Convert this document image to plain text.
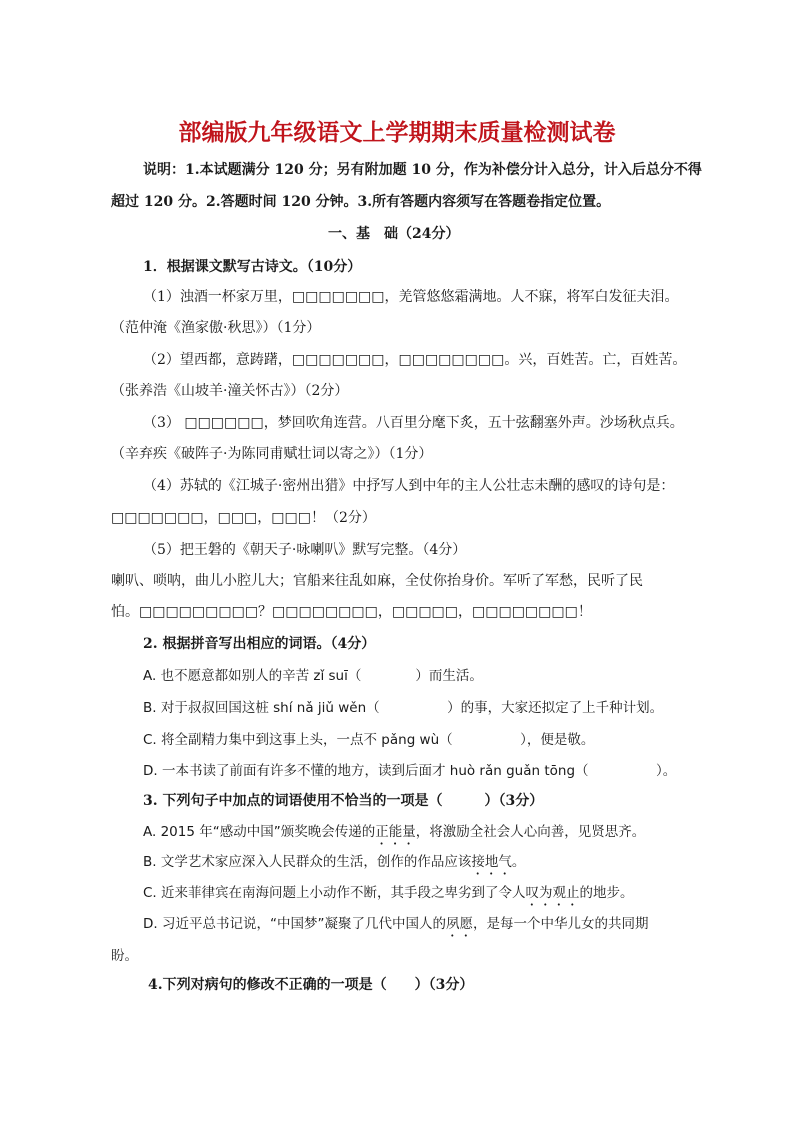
部编版九年级语文上学期期末质量检测试卷
说明：1.本试题满分 120 分；另有附加题 10 分，作为补偿分计入总分，计入后总分不得
超过 120 分。2.答题时间 120 分钟。3.所有答题内容须写在答题卷指定位置。
一、基　础（24分）
1．根据课文默写古诗文。（10分）
（1）浊酒一杯家万里，□□□□□□□，羌管悠悠霜满地。人不寐，将军白发征夫泪。
（范仲淹《渔家傲·秋思》）（1分）
（2）望西都，意踌躇，□□□□□□□，□□□□□□□□。兴，百姓苦。亡，百姓苦。
（张养浩《山坡羊·潼关怀古》）（2分）
（3） □□□□□□，梦回吹角连营。八百里分麾下炙，五十弦翻塞外声。沙场秋点兵。
（辛弃疾《破阵子·为陈同甫赋壮词以寄之》）（1分）
（4）苏轼的《江城子·密州出猎》中抒写人到中年的主人公壮志未酬的感叹的诗句是：
□□□□□□□，□□□，□□□！（2分）
（5）把王磐的《朝天子·咏喇叭》默写完整。（4分）
喇叭、唢呐，曲儿小腔儿大；官船来往乱如麻，全仗你抬身价。军听了军愁，民听了民
怕。□□□□□□□□□？□□□□□□□□，□□□□□，□□□□□□□□！
2. 根据拼音写出相应的词语。（4分）
A. 也不愿意都如别人的辛苦 zǐ suī（　　　　）而生活。
B. 对于叔叔回国这桩 shí nǎ jiǔ wěn（　　　　　）的事，大家还拟定了上千种计划。
C. 将全副精力集中到这事上头，一点不 pǎng wù（　　　　　），便是敬。
D. 一本书读了前面有许多不懂的地方，读到后面才 huò rǎn guǎn tōng（　　　　　）。
3. 下列句子中加点的词语使用不恰当的一项是（　　　）（3分）
A. 2015 年“感动中国”颁奖晚会传递的正能量，将激励全社会人心向善，见贤思齐。
B. 文学艺术家应深入人民群众的生活，创作的作品应该接地气。
C. 近来菲律宾在南海问题上小动作不断，其手段之卑劣到了令人叹为观止的地步。
D. 习近平总书记说，“中国梦”凝聚了几代中国人的夙愿，是每一个中华儿女的共同期
盼。
4.下列对病句的修改不正确的一项是（　　）（3分）
